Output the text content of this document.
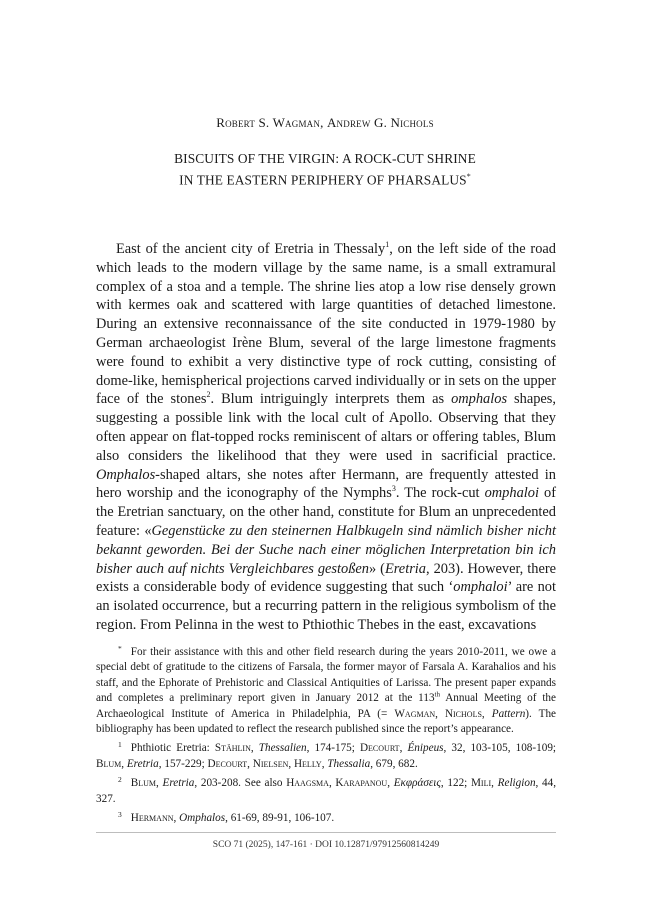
Robert S. Wagman, Andrew G. Nichols
BISCUITS OF THE VIRGIN: A ROCK-CUT SHRINE
IN THE EASTERN PERIPHERY OF PHARSALUS*

East of the ancient city of Eretria in Thessaly$^1$, on the left side of the road which leads to the modern village by the same name, is a small extramural complex of a stoa and a temple. The shrine lies atop a low rise densely grown with kermes oak and scattered with large quantities of detached limestone. During an extensive reconnaissance of the site conducted in 1979-1980 by German archaeologist Irène Blum, several of the large limestone fragments were found to exhibit a very distinctive type of rock cutting, consisting of dome-like, hemispherical projections carved individually or in sets on the upper face of the stones$^2$. Blum intriguingly interprets them as omphalos shapes, suggesting a possible link with the local cult of Apollo. Observing that they often appear on flat-topped rocks reminiscent of altars or offering tables, Blum also considers the likelihood that they were used in sacrificial practice. Omphalos-shaped altars, she notes after Hermann, are frequently attested in hero worship and the iconography of the Nymphs$^3$. The rock-cut omphaloi of the Eretrian sanctuary, on the other hand, constitute for Blum an unprecedented feature: «Gegenstücke zu den steinernen Halbkugeln sind nämlich bisher nicht bekannt geworden. Bei der Suche nach einer möglichen Interpretation bin ich bisher auch auf nichts Vergleichbares gestoßen» (Eretria, 203). However, there exists a considerable body of evidence suggesting that such ‘omphaloi’ are not an isolated occurrence, but a recurring pattern in the religious symbolism of the region. From Pelinna in the west to Pthiothic Thebes in the east, excavations

* For their assistance with this and other field research during the years 2010-2011, we owe a special debt of gratitude to the citizens of Farsala, the former mayor of Farsala A. Karahalios and his staff, and the Ephorate of Prehistoric and Classical Antiquities of Larissa. The present paper expands and completes a preliminary report given in January 2012 at the 113th Annual Meeting of the Archaeological Institute of America in Philadelphia, PA (= Wagman, Nichols, Pattern). The bibliography has been updated to reflect the research published since the report’s appearance.

$^1$ Phthiotic Eretria: Stählin, Thessalien, 174-175; Decourt, Énipeus, 32, 103-105, 108-109; Blum, Eretria, 157-229; Decourt, Nielsen, Helly, Thessalia, 679, 682.

$^2$ Blum, Eretria, 203-208. See also Haagsma, Karapanou, Εκφράσεις, 122; Mili, Religion, 44, 327.

$^3$ Hermann, Omphalos, 61-69, 89-91, 106-107.

SCO 71 (2025), 147-161 · DOI 10.12871/97912560814249
